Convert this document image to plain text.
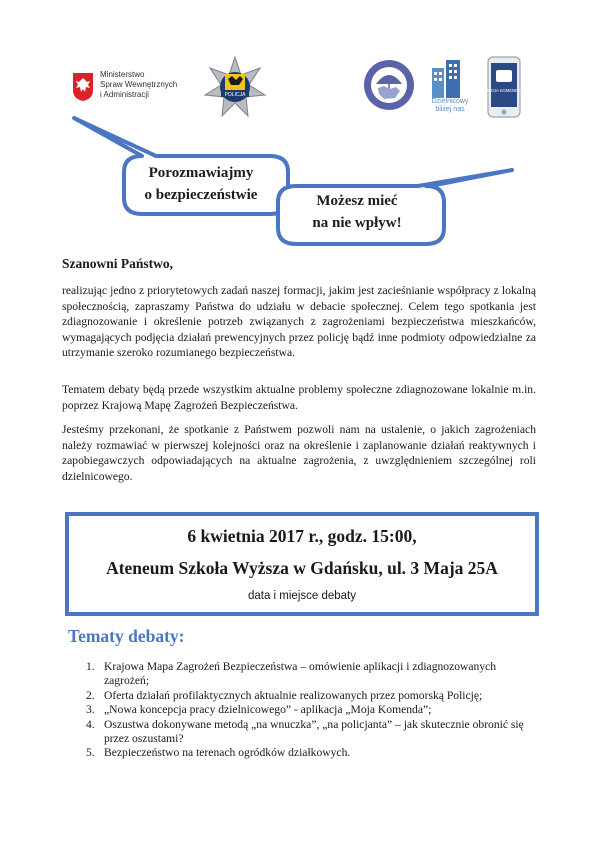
Ministerstwo
Spraw Wewnętrznych
i Administracji	POLICJA
Dzielnicowy
bliżej nas
MOJA KOMENDA
Porozmawiajmy
o bezpieczeństwie	Możesz mieć
na nie wpływ!
Szanowni Państwo,
realizując jedno z priorytetowych zadań naszej formacji, jakim jest zacieśnianie współpracy z lokalną społecznością, zapraszamy Państwa do udziału w debacie społecznej. Celem tego spotkania jest zdiagnozowanie i określenie potrzeb związanych z zagrożeniami bezpieczeństwa mieszkańców, wymagających podjęcia działań prewencyjnych przez policję bądź inne podmioty odpowiedzialne za utrzymanie szeroko rozumianego bezpieczeństwa.
Tematem debaty będą przede wszystkim aktualne problemy społeczne zdiagnozowane lokalnie m.in. poprzez Krajową Mapę Zagrożeń Bezpieczeństwa.
Jesteśmy przekonani, że spotkanie z Państwem pozwoli nam na ustalenie, o jakich zagrożeniach należy rozmawiać w pierwszej kolejności oraz na określenie i zaplanowanie działań reaktywnych i zapobiegawczych odpowiadających na aktualne zagrożenia, z uwzględnieniem szczególnej roli dzielnicowego.
6 kwietnia 2017 r., godz. 15:00,
Ateneum Szkoła Wyższa w Gdańsku, ul. 3 Maja 25A
data i miejsce debaty
Tematy debaty:
1. Krajowa Mapa Zagrożeń Bezpieczeństwa – omówienie aplikacji i zdiagnozowanych zagrożeń;
2. Oferta działań profilaktycznych aktualnie realizowanych przez pomorską Policję;
3. „Nowa koncepcja pracy dzielnicowego” - aplikacja „Moja Komenda”;
4. Oszustwa dokonywane metodą „na wnuczka”, „na policjanta” – jak skutecznie obronić się przez oszustami?
5. Bezpieczeństwo na terenach ogródków działkowych.
